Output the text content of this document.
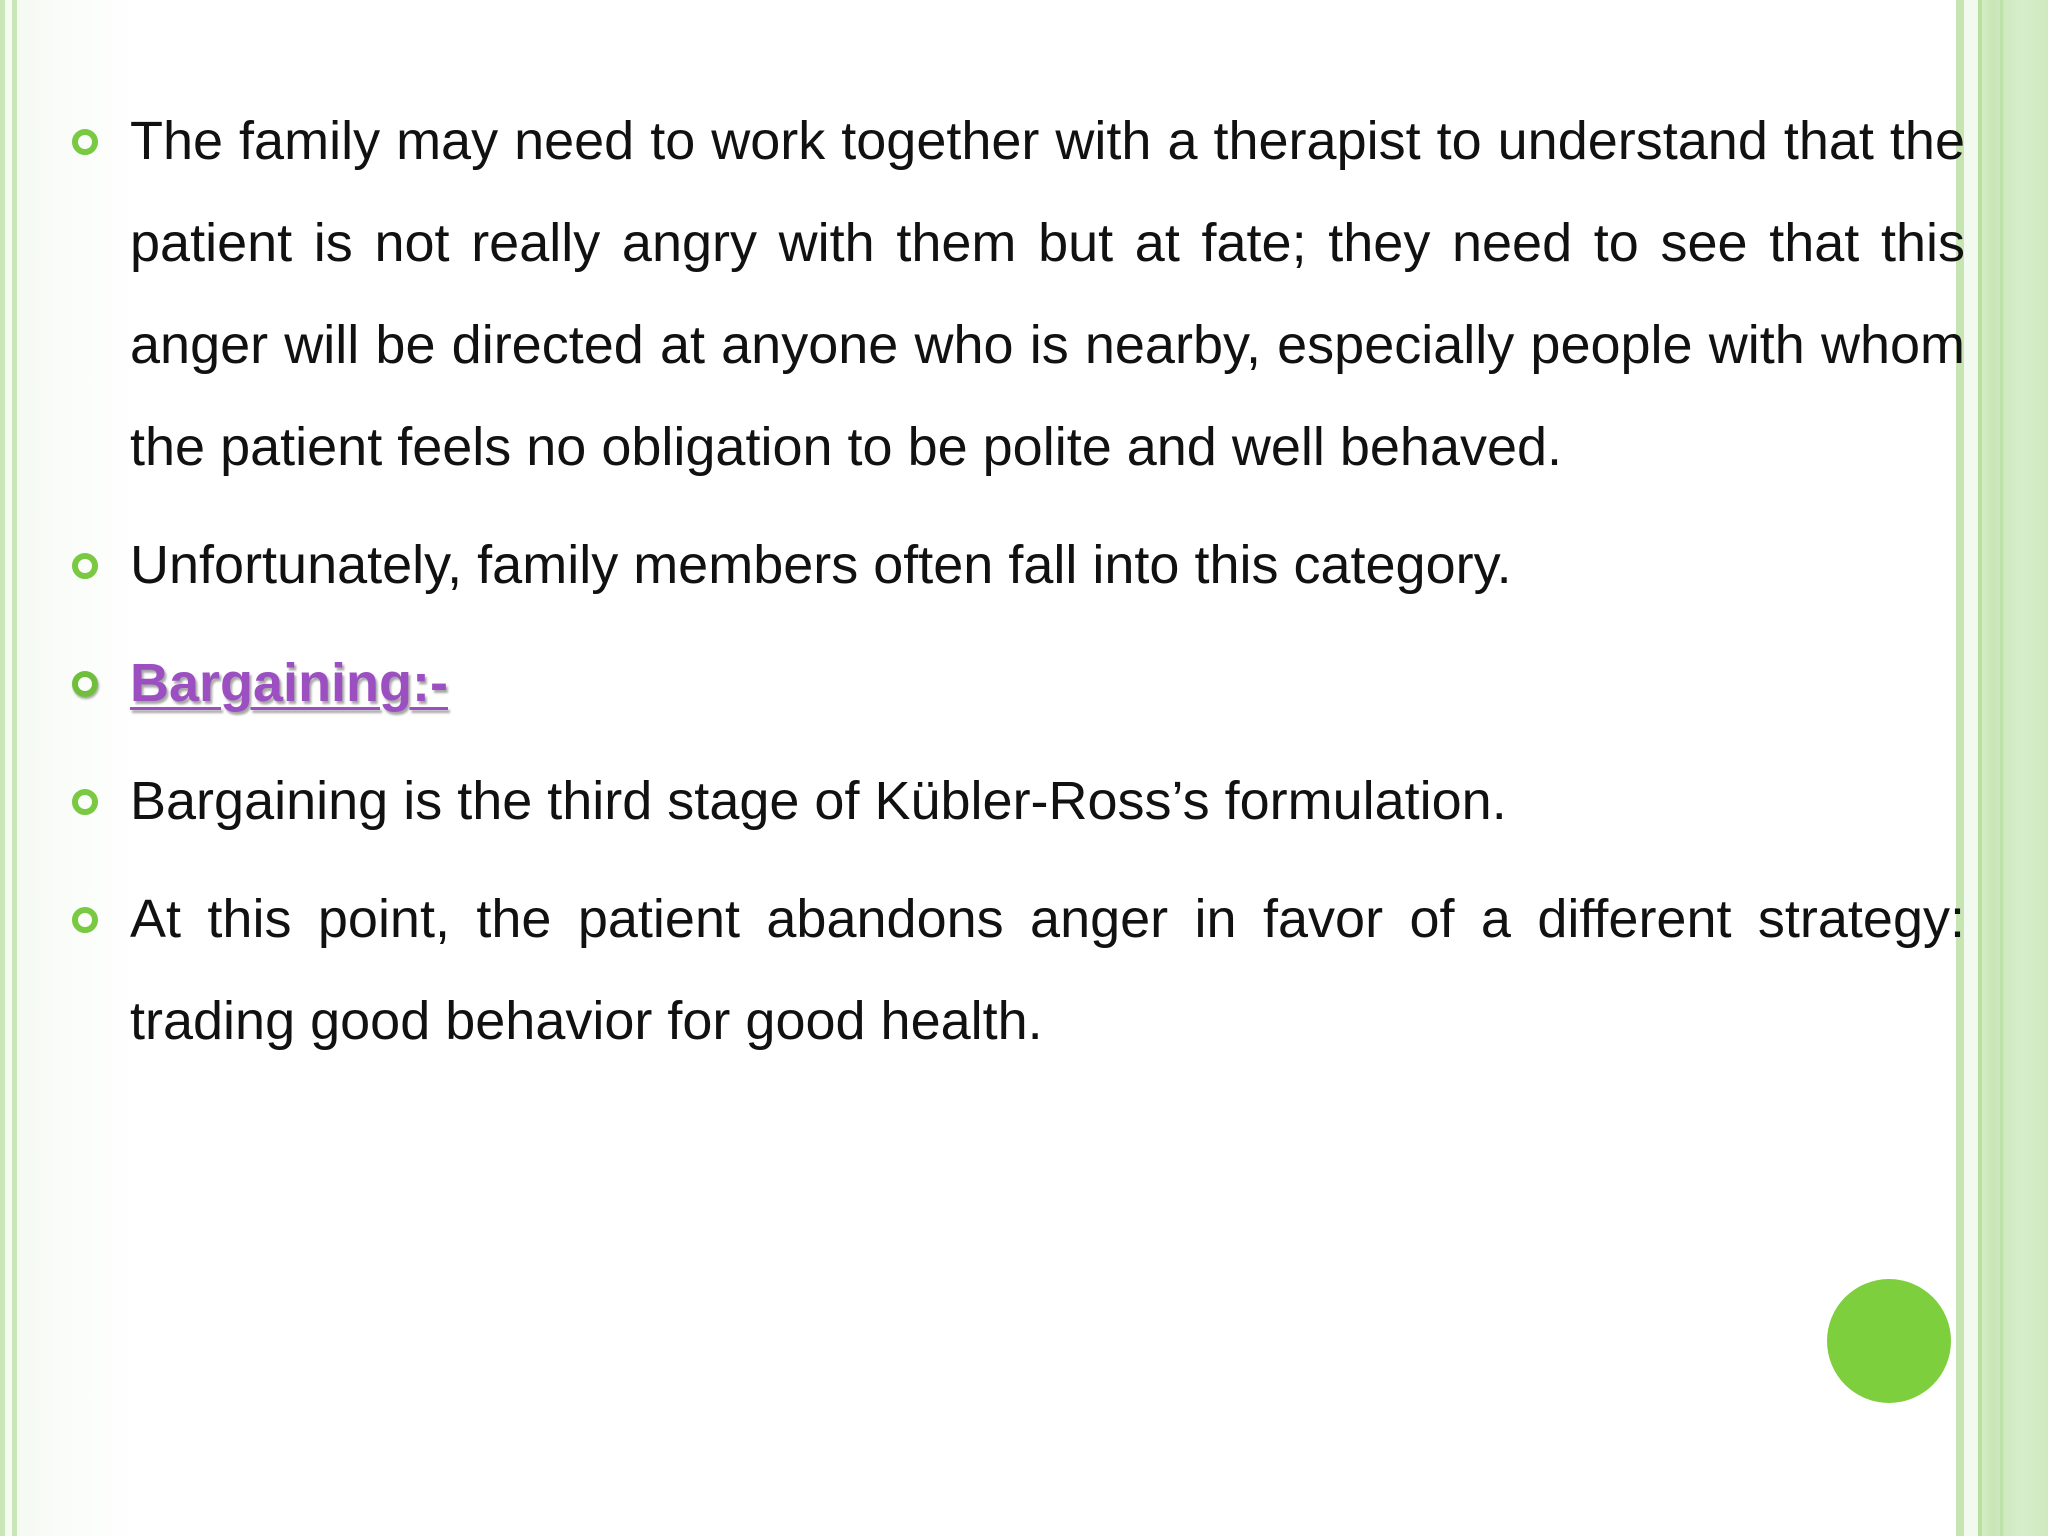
The family may need to work together with a therapist to understand that the patient is not really angry with them but at fate; they need to see that this anger will be directed at anyone who is nearby, especially people with whom the patient feels no obligation to be polite and well behaved.

Unfortunately, family members often fall into this category.

Bargaining:-

Bargaining is the third stage of Kübler-Ross’s formulation.

At this point, the patient abandons anger in favor of a different strategy: trading good behavior for good health.
